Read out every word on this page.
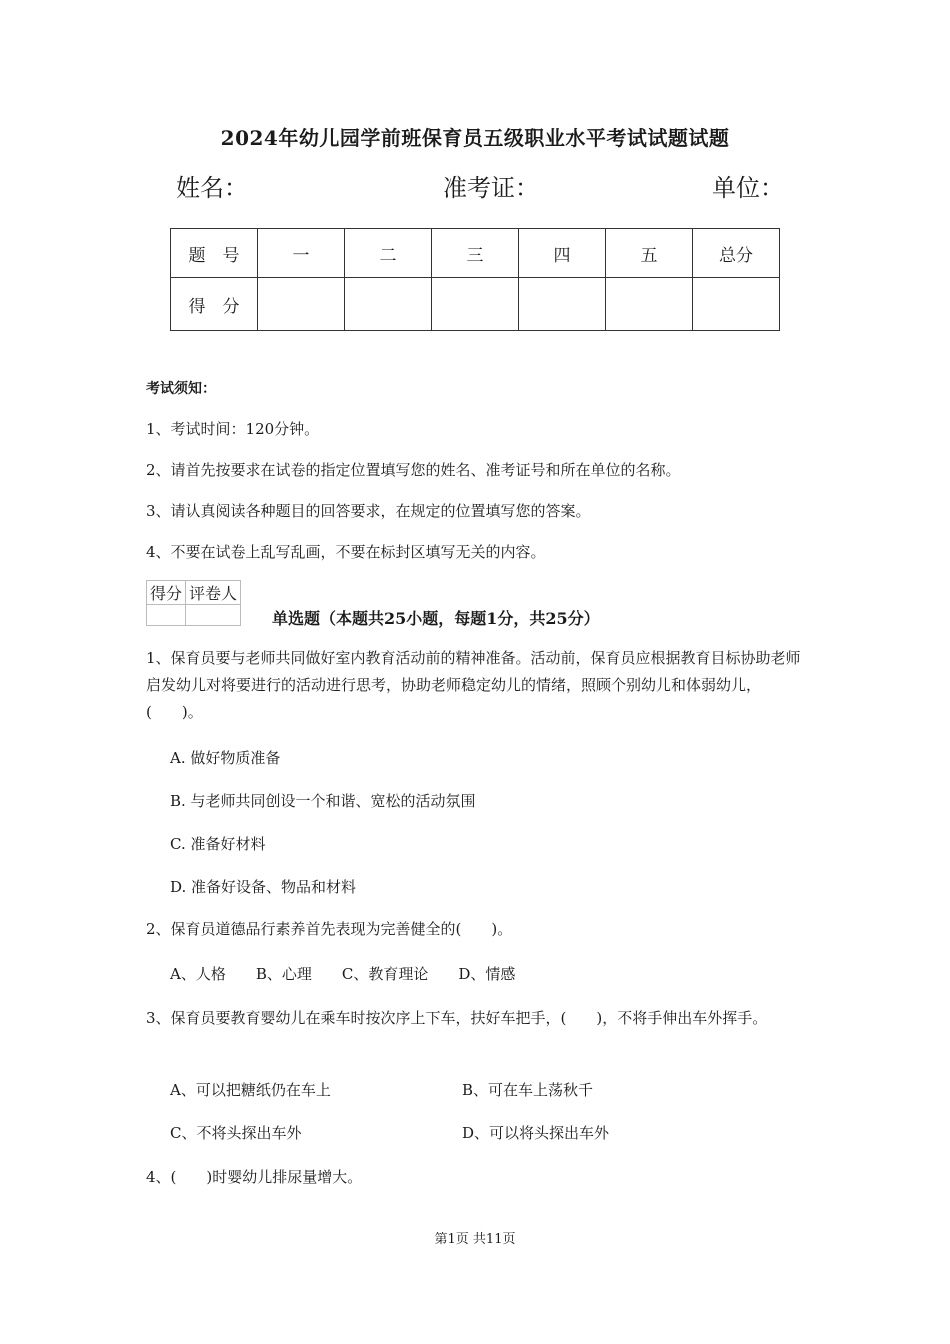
2024年幼儿园学前班保育员五级职业水平考试试题试题
姓名：	准考证：	单位：
题　号	一	二	三	四	五	总分
得　分						
考试须知：
1、考试时间：120分钟。
2、请首先按要求在试卷的指定位置填写您的姓名、准考证号和所在单位的名称。
3、请认真阅读各种题目的回答要求，在规定的位置填写您的答案。
4、不要在试卷上乱写乱画，不要在标封区填写无关的内容。
得分	评卷人

单选题（本题共25小题，每题1分，共25分）
1、保育员要与老师共同做好室内教育活动前的精神准备。活动前，保育员应根据教育目标协助老师启发幼儿对将要进行的活动进行思考，协助老师稳定幼儿的情绪，照顾个别幼儿和体弱幼儿，(　　)。
A. 做好物质准备
B. 与老师共同创设一个和谐、宽松的活动氛围
C. 准备好材料
D. 准备好设备、物品和材料
2、保育员道德品行素养首先表现为完善健全的(　　)。
A、人格　　B、心理　　C、教育理论　　D、情感
3、保育员要教育婴幼儿在乘车时按次序上下车，扶好车把手，(　　)，不将手伸出车外挥手。
A、可以把糖纸仍在车上	B、可在车上荡秋千
C、不将头探出车外	D、可以将头探出车外
4、(　　)时婴幼儿排尿量增大。
第1页 共11页
